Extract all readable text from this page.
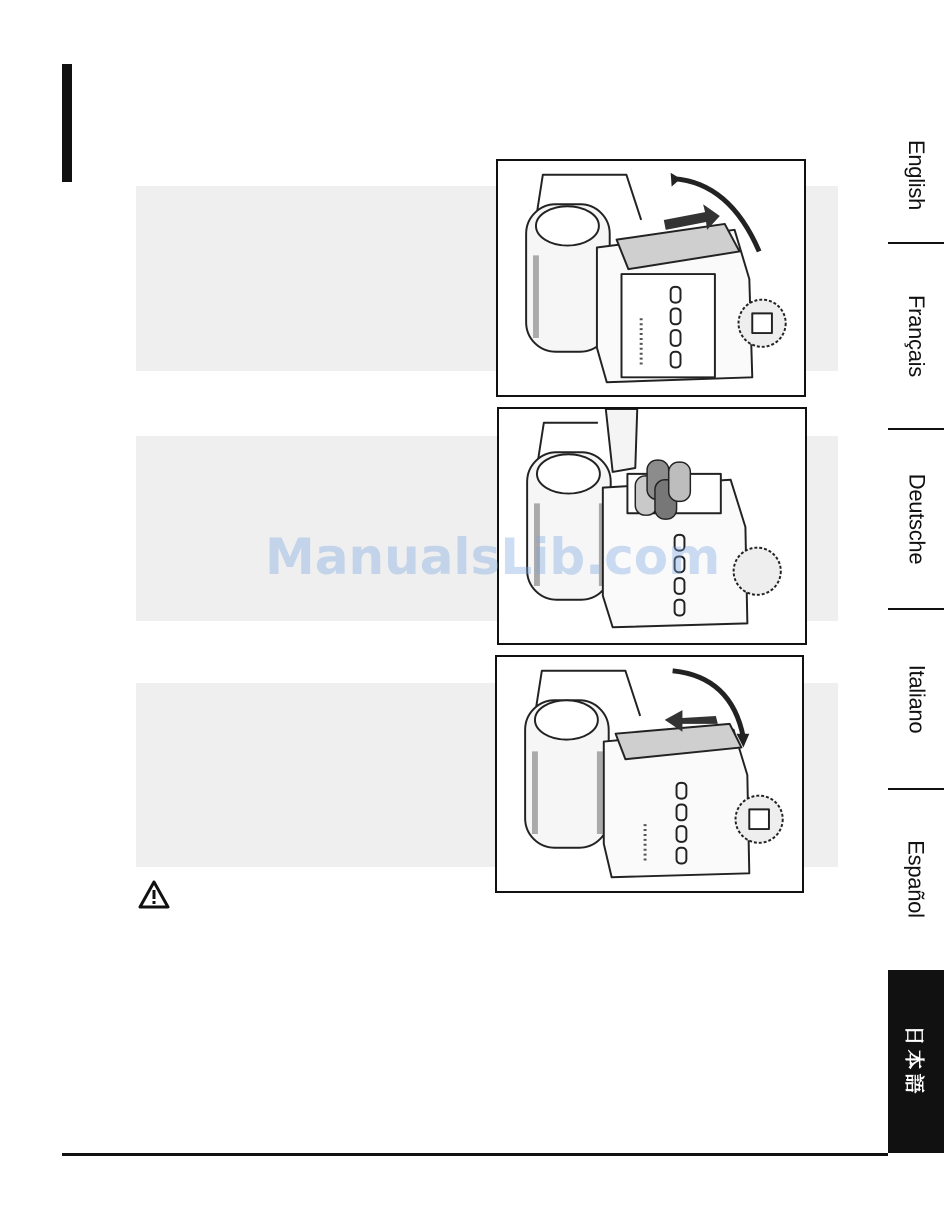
ManualsLib.com
English
Français
Deutsche
Italiano
Español
日本語
